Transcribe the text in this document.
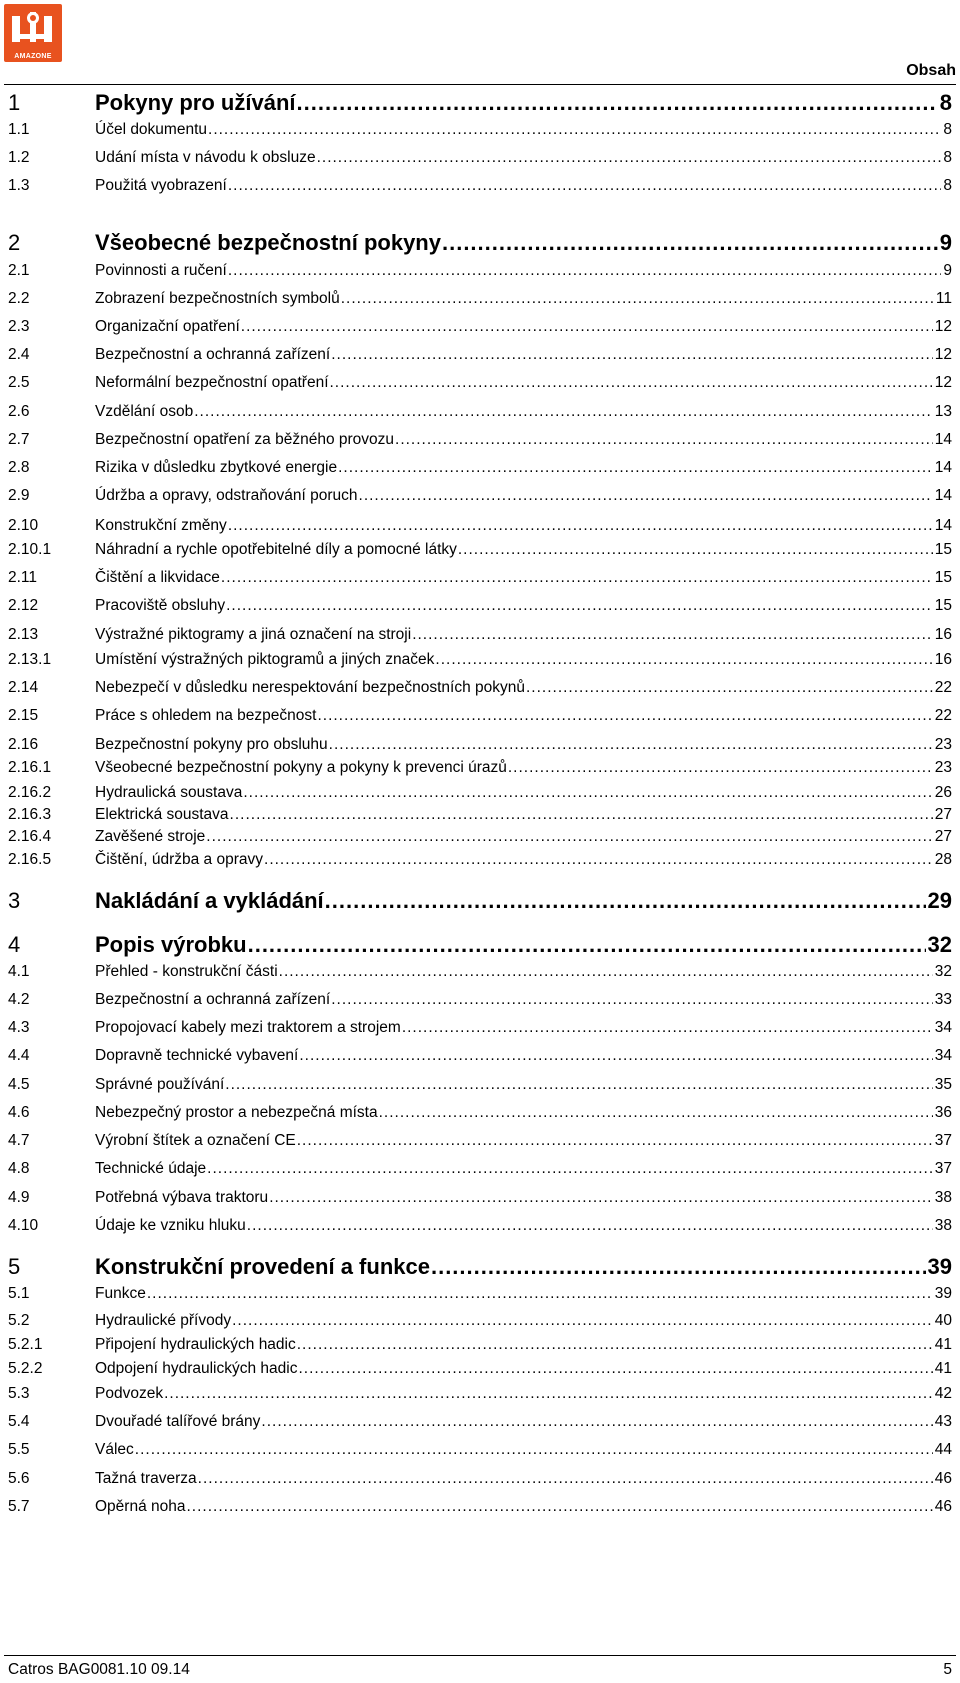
AMAZONE
Obsah
1	Pokyny pro užívání .....	8
1.1	Účel dokumentu .....	8
1.2	Udání místa v návodu k obsluze .....	8
1.3	Použitá vyobrazení .....	8
2	Všeobecné bezpečnostní pokyny .....	9
2.1	Povinnosti a ručení .....	9
2.2	Zobrazení bezpečnostních symbolů .....	11
2.3	Organizační opatření .....	12
2.4	Bezpečnostní a ochranná zařízení .....	12
2.5	Neformální bezpečnostní opatření .....	12
2.6	Vzdělání osob .....	13
2.7	Bezpečnostní opatření za běžného provozu .....	14
2.8	Rizika v důsledku zbytkové energie .....	14
2.9	Údržba a opravy, odstraňování poruch .....	14
2.10	Konstrukční změny .....	14
2.10.1	Náhradní a rychle opotřebitelné díly a pomocné látky .....	15
2.11	Čištění a likvidace .....	15
2.12	Pracoviště obsluhy .....	15
2.13	Výstražné piktogramy a jiná označení na stroji .....	16
2.13.1	Umístění výstražných piktogramů a jiných značek .....	16
2.14	Nebezpečí v důsledku nerespektování bezpečnostních pokynů .....	22
2.15	Práce s ohledem na bezpečnost .....	22
2.16	Bezpečnostní pokyny pro obsluhu .....	23
2.16.1	Všeobecné bezpečnostní pokyny a pokyny k prevenci úrazů .....	23
2.16.2	Hydraulická soustava .....	26
2.16.3	Elektrická soustava .....	27
2.16.4	Zavěšené stroje .....	27
2.16.5	Čištění, údržba a opravy .....	28
3	Nakládání a vykládání .....	29
4	Popis výrobku .....	32
4.1	Přehled - konstrukční části .....	32
4.2	Bezpečnostní a ochranná zařízení .....	33
4.3	Propojovací kabely mezi traktorem a strojem .....	34
4.4	Dopravně technické vybavení .....	34
4.5	Správné používání .....	35
4.6	Nebezpečný prostor a nebezpečná místa .....	36
4.7	Výrobní štítek a označení CE .....	37
4.8	Technické údaje .....	37
4.9	Potřebná výbava traktoru .....	38
4.10	Údaje ke vzniku hluku .....	38
5	Konstrukční provedení a funkce .....	39
5.1	Funkce .....	39
5.2	Hydraulické přívody .....	40
5.2.1	Připojení hydraulických hadic .....	41
5.2.2	Odpojení hydraulických hadic .....	41
5.3	Podvozek .....	42
5.4	Dvouřadé talířové brány .....	43
5.5	Válec .....	44
5.6	Tažná traverza .....	46
5.7	Opěrná noha .....	46
Catros BAG0081.10 09.14	5
